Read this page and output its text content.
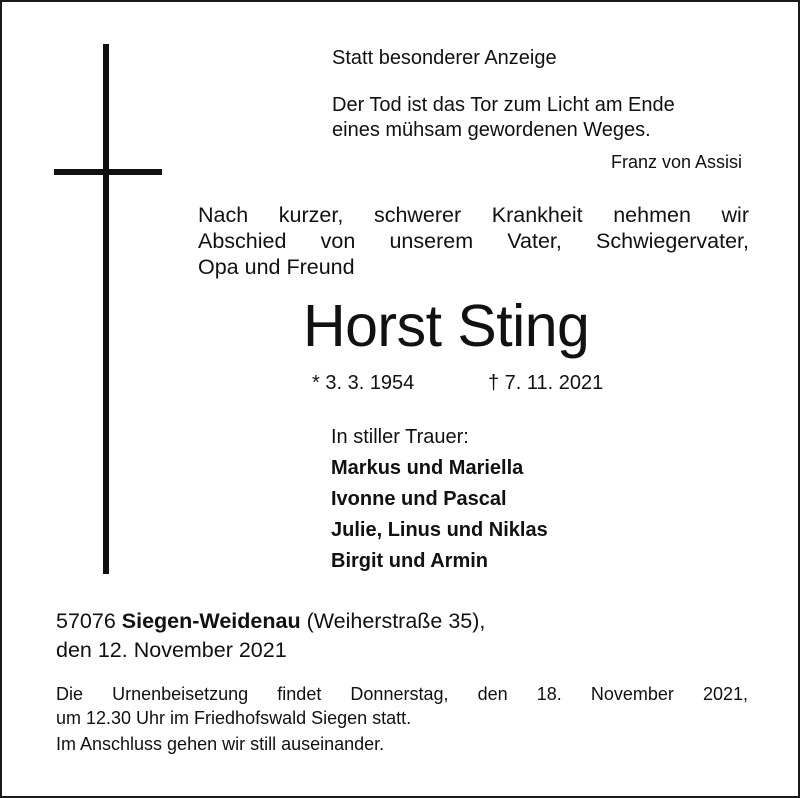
Statt besonderer Anzeige
Der Tod ist das Tor zum Licht am Ende
eines mühsam gewordenen Weges.
Franz von Assisi
Nach kurzer, schwerer Krankheit nehmen wir
Abschied von unserem Vater, Schwiegervater,
Opa und Freund
Horst Sting
* 3. 3. 1954	† 7. 11. 2021
In stiller Trauer:
Markus und Mariella
Ivonne und Pascal
Julie, Linus und Niklas
Birgit und Armin
57076 Siegen-Weidenau (Weiherstraße 35),
den 12. November 2021
Die Urnenbeisetzung findet Donnerstag, den 18. November 2021,
um 12.30 Uhr im Friedhofswald Siegen statt.
Im Anschluss gehen wir still auseinander.
